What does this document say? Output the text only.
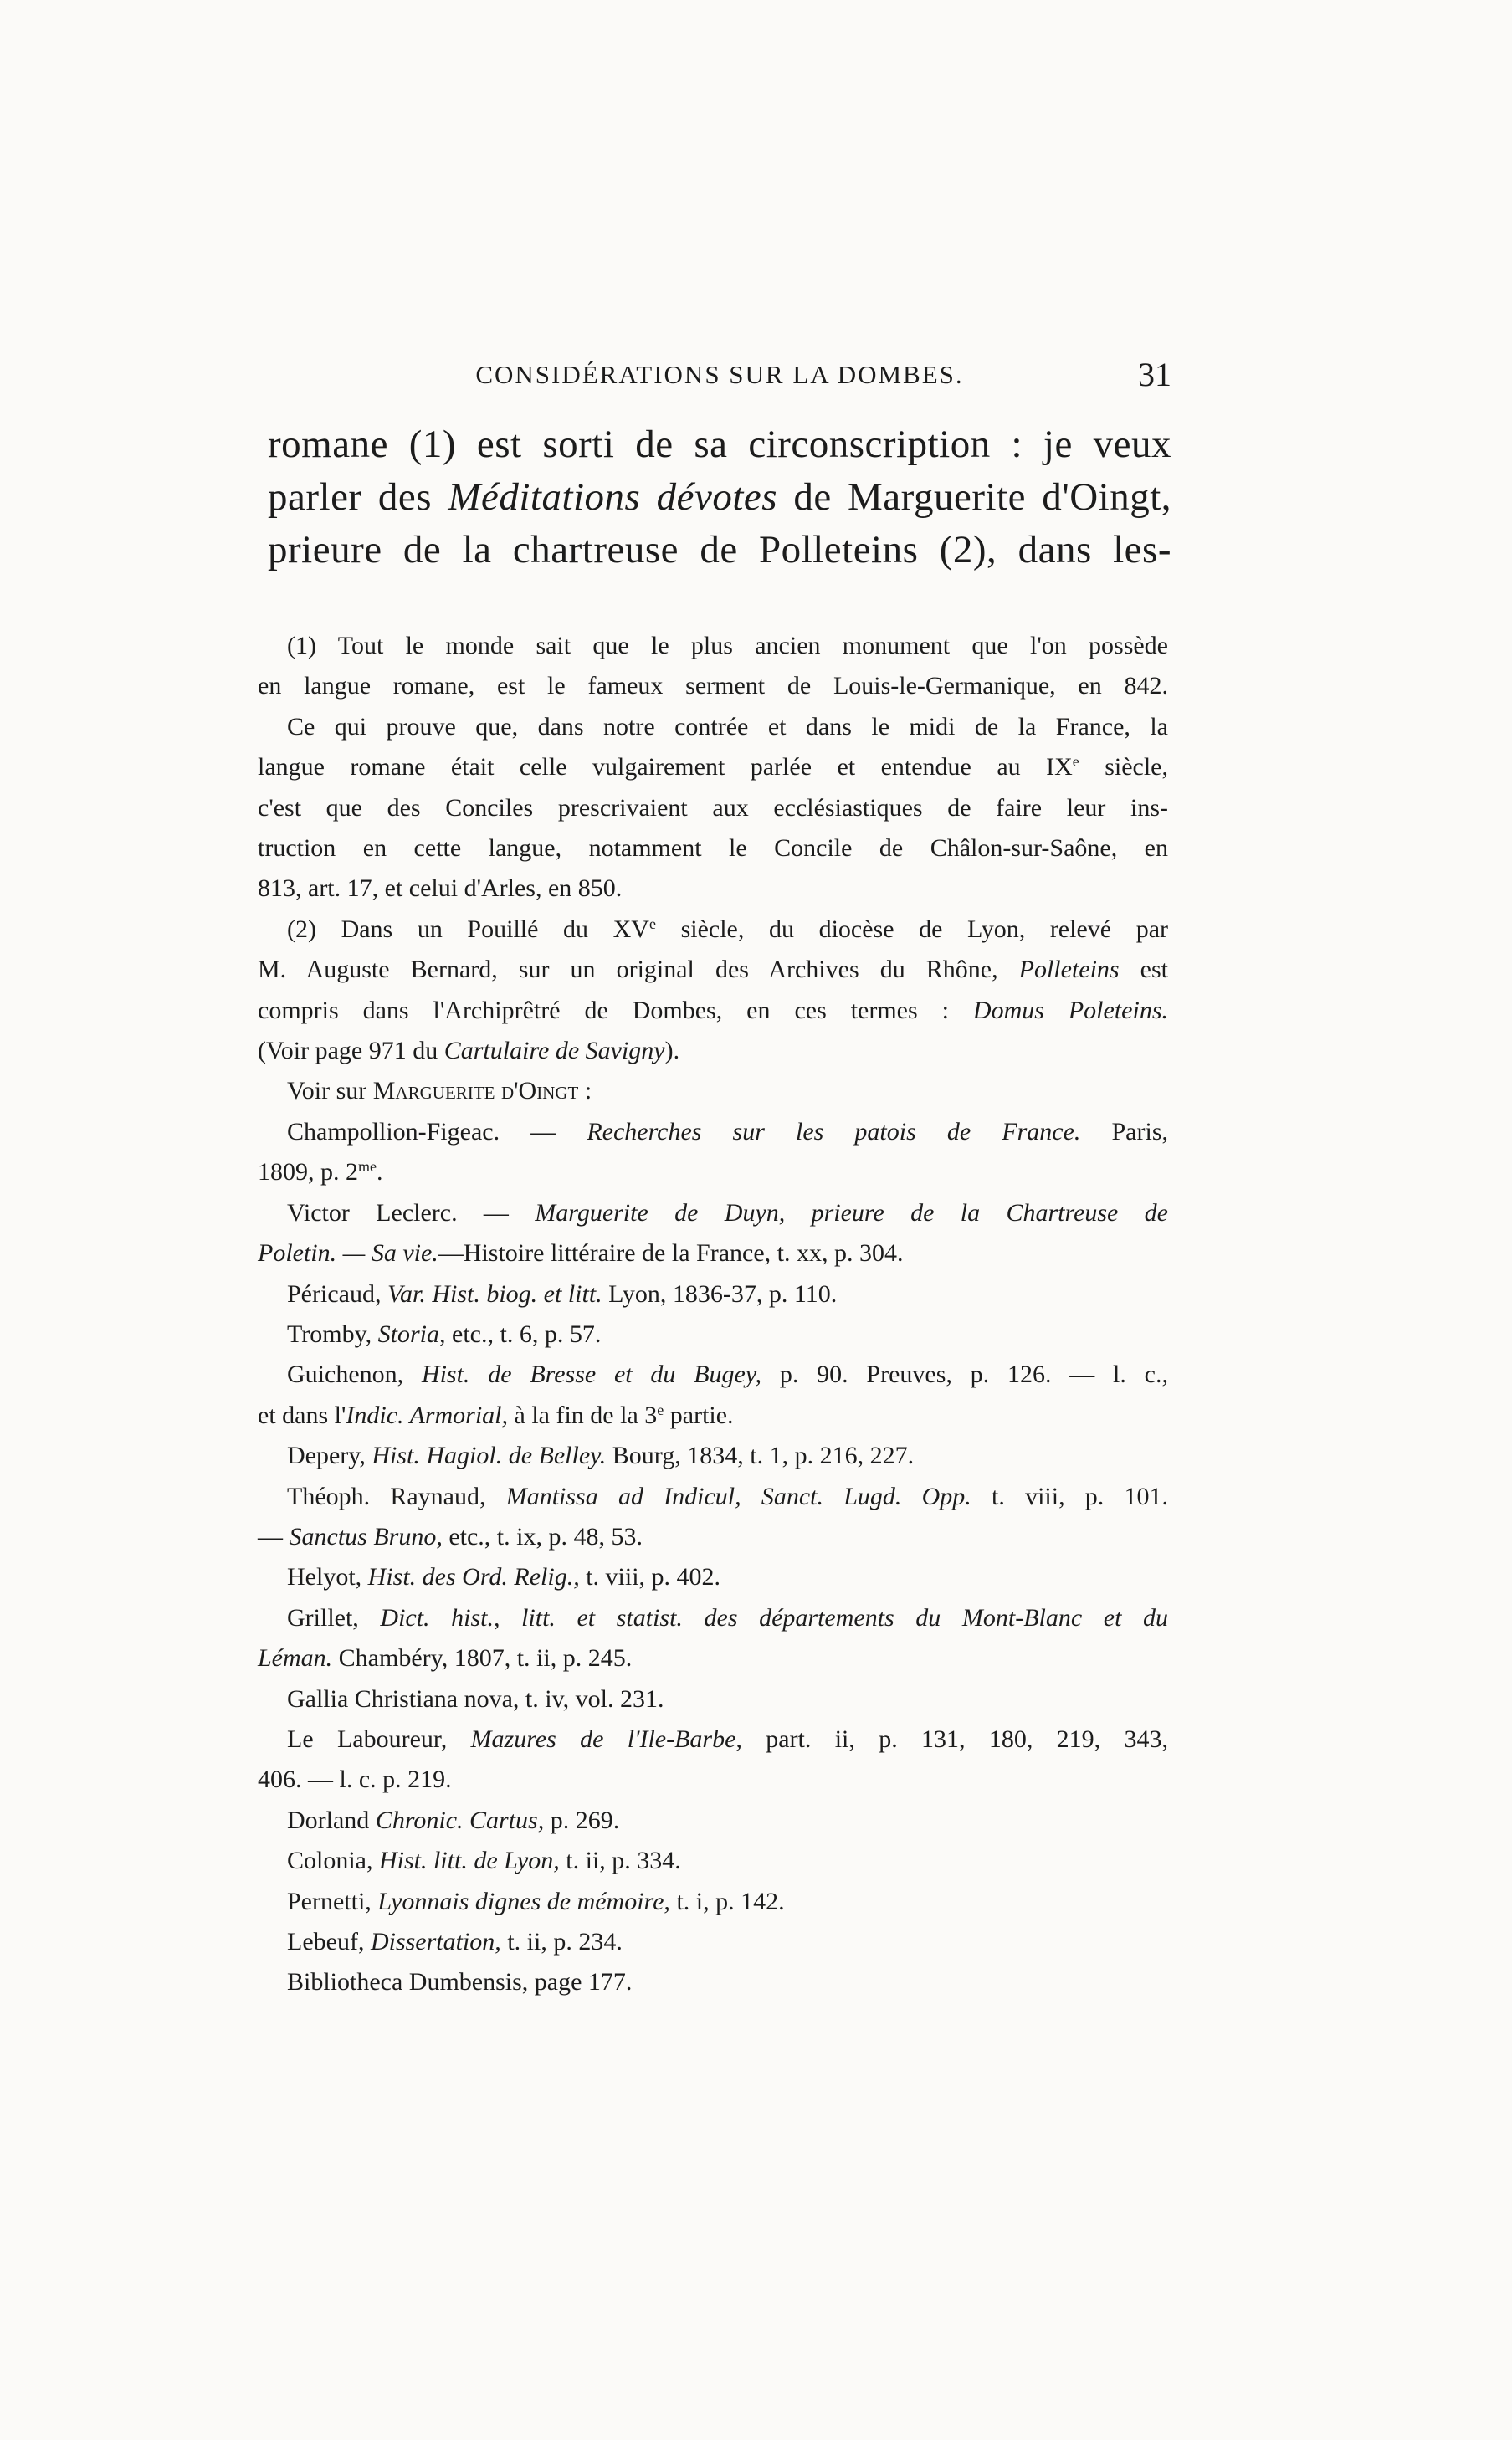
CONSIDÉRATIONS SUR LA DOMBES.	31

romane (1) est sorti de sa circonscription : je veux

parler des Méditations dévotes de Marguerite d'Oingt,

prieure de la chartreuse de Polleteins (2), dans les-

(1) Tout le monde sait que le plus ancien monument que l'on possède

en langue romane, est le fameux serment de Louis-le-Germanique, en 842.

Ce qui prouve que, dans notre contrée et dans le midi de la France, la

langue romane était celle vulgairement parlée et entendue au IXe siècle,

c'est que des Conciles prescrivaient aux ecclésiastiques de faire leur ins-

truction en cette langue, notamment le Concile de Châlon-sur-Saône, en

813, art. 17, et celui d'Arles, en 850.

(2) Dans un Pouillé du XVe siècle, du diocèse de Lyon, relevé par

M. Auguste Bernard, sur un original des Archives du Rhône, Polleteins est

compris dans l'Archiprêtré de Dombes, en ces termes : Domus Poleteins.

(Voir page 971 du Cartulaire de Savigny).

Voir sur Marguerite d'Oingt :

Champollion-Figeac. — Recherches sur les patois de France. Paris,

1809, p. $2^{me}$.

Victor Leclerc. — Marguerite de Duyn, prieure de la Chartreuse de

Poletin. — Sa vie.—Histoire littéraire de la France, t. xx, p. 304.

Péricaud, Var. Hist. biog. et litt. Lyon, 1836-37, p. 110.

Tromby, Storia, etc., t. 6, p. 57.

Guichenon, Hist. de Bresse et du Bugey, p. 90. Preuves, p. 126. — l. c.,

et dans l'Indic. Armorial, à la fin de la 3e partie.

Depery, Hist. Hagiol. de Belley. Bourg, 1834, t. 1, p. 216, 227.

Théoph. Raynaud, Mantissa ad Indicul, Sanct. Lugd. Opp. t. viii, p. 101.

— Sanctus Bruno, etc., t. ix, p. 48, 53.

Helyot, Hist. des Ord. Relig., t. viii, p. 402.

Grillet, Dict. hist., litt. et statist. des départements du Mont-Blanc et du

Léman. Chambéry, 1807, t. ii, p. 245.

Gallia Christiana nova, t. iv, vol. 231.

Le Laboureur, Mazures de l'Ile-Barbe, part. ii, p. 131, 180, 219, 343,

406. — l. c. p. 219.

Dorland Chronic. Cartus, p. 269.

Colonia, Hist. litt. de Lyon, t. ii, p. 334.

Pernetti, Lyonnais dignes de mémoire, t. i, p. 142.

Lebeuf, Dissertation, t. ii, p. 234.

Bibliotheca Dumbensis, page 177.
